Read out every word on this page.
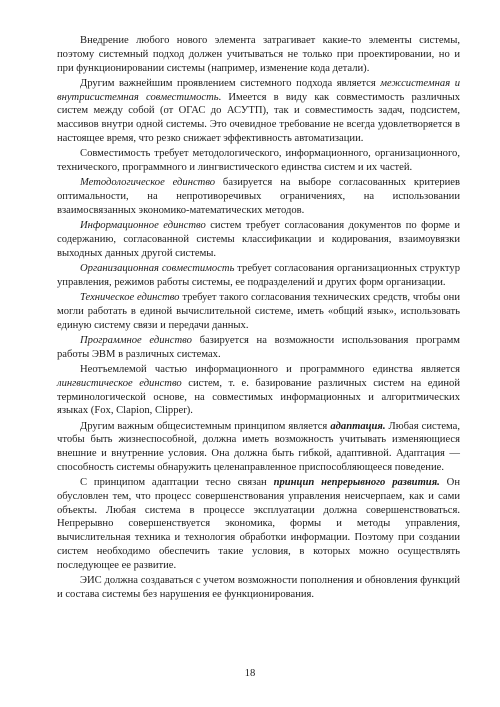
Внедрение любого нового элемента затрагивает какие-то элементы системы, поэтому системный подход должен учитываться не только при проектировании, но и при функционировании системы (например, изменение кода детали).

Другим важнейшим проявлением системного подхода является межсистемная и внутрисистемная совместимость. Имеется в виду как совместимость различных систем между собой (от ОГАС до АСУТП), так и совместимость задач, подсистем, массивов внутри одной системы. Это очевидное требование не всегда удовлетворяется в настоящее время, что резко снижает эффективность автоматизации.

Совместимость требует методологического, информационного, организационного, технического, программного и лингвистического единства систем и их частей.

Методологическое единство базируется на выборе согласованных критериев оптимальности, на непротиворечивых ограничениях, на использовании взаимосвязанных экономико-математических методов.

Информационное единство систем требует согласования документов по форме и содержанию, согласованной системы классификации и кодирования, взаимоувязки выходных данных другой системы.

Организационная совместимость требует согласования организационных структур управления, режимов работы системы, ее подразделений и других форм организации.

Техническое единство требует такого согласования технических средств, чтобы они могли работать в единой вычислительной системе, иметь «общий язык», использовать единую систему связи и передачи данных.

Программное единство базируется на возможности использования программ работы ЭВМ в различных системах.

Неотъемлемой частью информационного и программного единства является лингвистическое единство систем, т. е. базирование различных систем на единой терминологической основе, на совместимых информационных и алгоритмических языках (Fox, Clapion, Clipper).

Другим важным общесистемным принципом является адаптация. Любая система, чтобы быть жизнеспособной, должна иметь возможность учитывать изменяющиеся внешние и внутренние условия. Она должна быть гибкой, адаптивной. Адаптация — способность системы обнаружить целенаправленное приспособляющееся поведение.

С принципом адаптации тесно связан принцип непрерывного развития. Он обусловлен тем, что процесс совершенствования управления неисчерпаем, как и сами объекты. Любая система в процессе эксплуатации должна совершенствоваться. Непрерывно совершенствуется экономика, формы и методы управления, вычислительная техника и технология обработки информации. Поэтому при создании систем необходимо обеспечить такие условия, в которых можно осуществлять последующее ее развитие.

ЭИС должна создаваться с учетом возможности пополнения и обновления функций и состава системы без нарушения ее функционирования.

18
